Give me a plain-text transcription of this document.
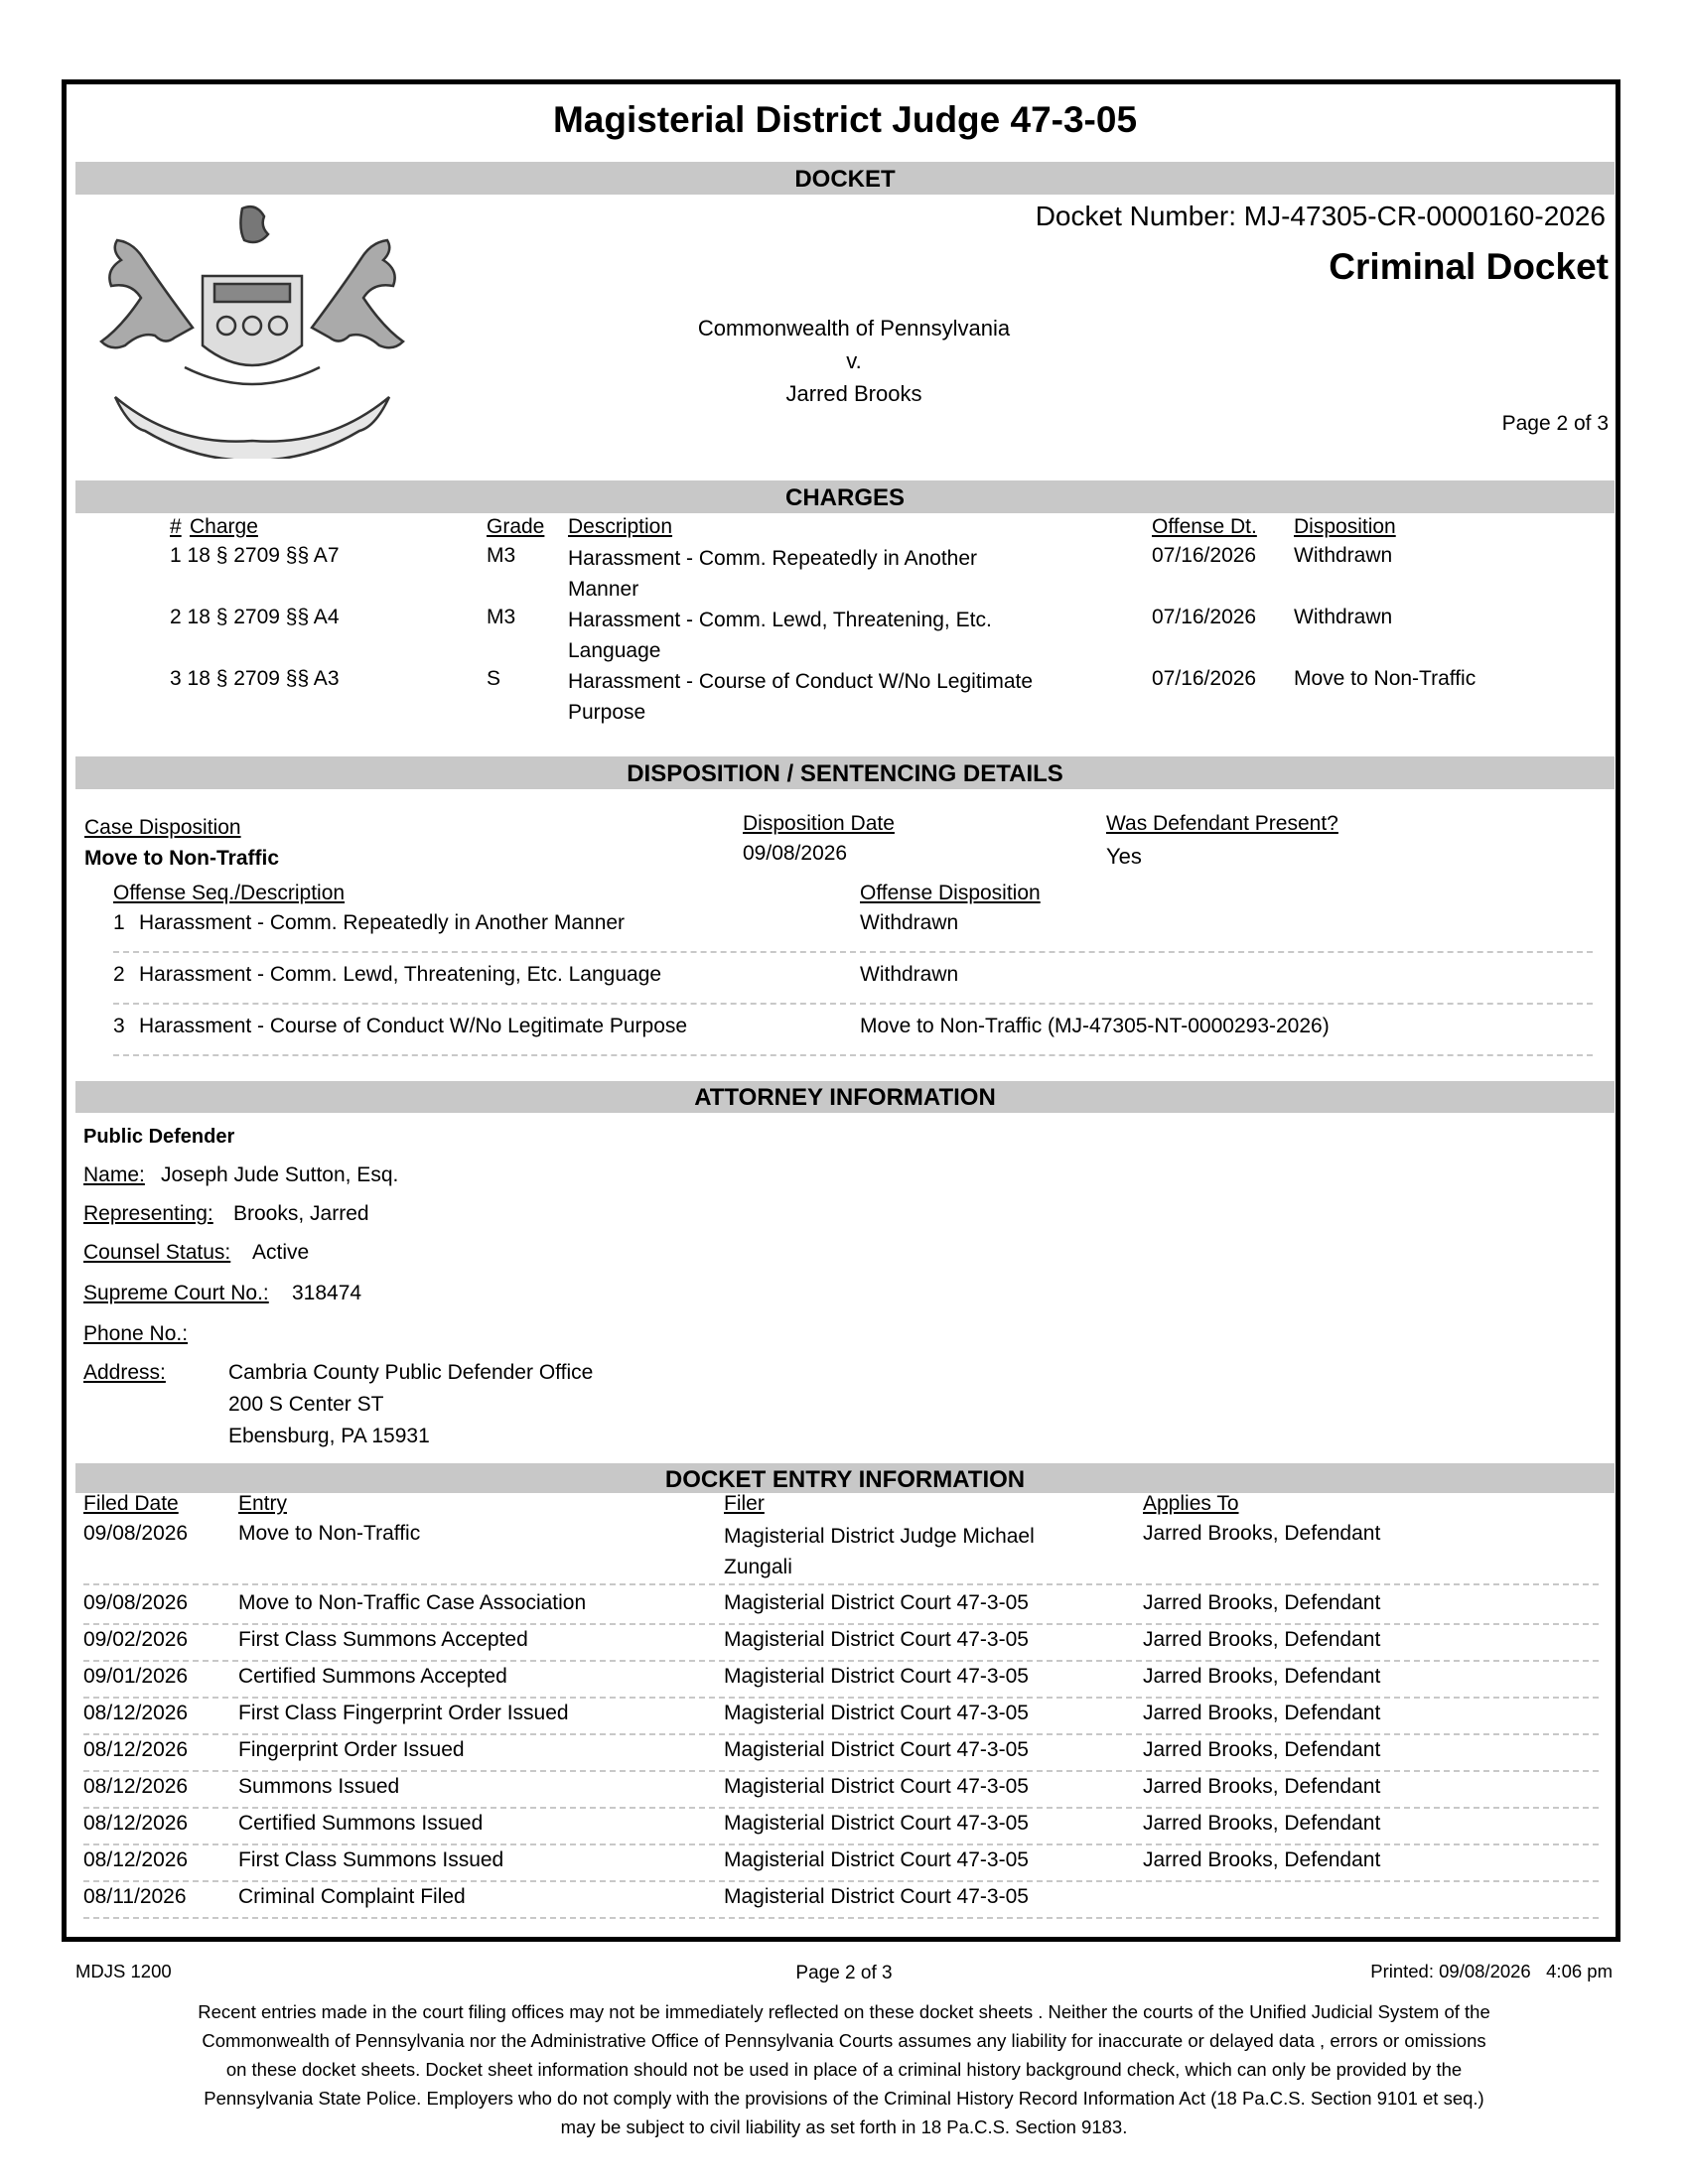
Magisterial District Judge 47-3-05
DOCKET
Docket Number: MJ-47305-CR-0000160-2026
Criminal Docket
Commonwealth of Pennsylvania
v.
Jarred Brooks
Page 2 of 3
CHARGES
# Charge	Grade Description	Offense Dt. Disposition
1 18 § 2709 §§ A7	M3	Harassment - Comm. Repeatedly in Another
Manner
07/16/2026 Withdrawn
2 18 § 2709 §§ A4	M3	Harassment - Comm. Lewd, Threatening, Etc.
Language
07/16/2026 Withdrawn
3 18 § 2709 §§ A3	S	Harassment - Course of Conduct W/No Legitimate
Purpose
07/16/2026 Move to Non-Traffic
DISPOSITION / SENTENCING DETAILS
Case Disposition
Move to Non-Traffic
Disposition Date
09/08/2026
Was Defendant Present?
Yes
Offense Seq./Description	Offense Disposition
1 Harassment - Comm. Repeatedly in Another Manner	Withdrawn
2 Harassment - Comm. Lewd, Threatening, Etc. Language	Withdrawn
3 Harassment - Course of Conduct W/No Legitimate Purpose	Move to Non-Traffic (MJ-47305-NT-0000293-2026)
ATTORNEY INFORMATION
Public Defender
Name: Joseph Jude Sutton, Esq.
Representing: Brooks, Jarred
Counsel Status: Active
Supreme Court No.: 318474
Phone No.:
Address:	Cambria County Public Defender Office
200 S Center ST
Ebensburg, PA 15931
DOCKET ENTRY INFORMATION
Filed Date	Entry	Filer	Applies To
09/08/2026 Move to Non-Traffic	Magisterial District Judge Michael
Zungali
Jarred Brooks, Defendant
09/08/2026 Move to Non-Traffic Case Association	Magisterial District Court 47-3-05	Jarred Brooks, Defendant
09/02/2026 First Class Summons Accepted	Magisterial District Court 47-3-05	Jarred Brooks, Defendant
09/01/2026 Certified Summons Accepted	Magisterial District Court 47-3-05	Jarred Brooks, Defendant
08/12/2026 First Class Fingerprint Order Issued	Magisterial District Court 47-3-05	Jarred Brooks, Defendant
08/12/2026 Fingerprint Order Issued	Magisterial District Court 47-3-05	Jarred Brooks, Defendant
08/12/2026 Summons Issued	Magisterial District Court 47-3-05	Jarred Brooks, Defendant
08/12/2026 Certified Summons Issued	Magisterial District Court 47-3-05	Jarred Brooks, Defendant
08/12/2026 First Class Summons Issued	Magisterial District Court 47-3-05	Jarred Brooks, Defendant
08/11/2026 Criminal Complaint Filed	Magisterial District Court 47-3-05
MDJS 1200	Page 2 of 3	Printed: 09/08/2026   4:06 pm
Recent entries made in the court filing offices may not be immediately reflected on these docket sheets . Neither the courts of the Unified Judicial System of the
Commonwealth of Pennsylvania nor the Administrative Office of Pennsylvania Courts assumes any liability for inaccurate or delayed data , errors or omissions
on these docket sheets. Docket sheet information should not be used in place of a criminal history background check, which can only be provided by the
Pennsylvania State Police. Employers who do not comply with the provisions of the Criminal History Record Information Act (18 Pa.C.S. Section 9101 et seq.)
may be subject to civil liability as set forth in 18 Pa.C.S. Section 9183.
